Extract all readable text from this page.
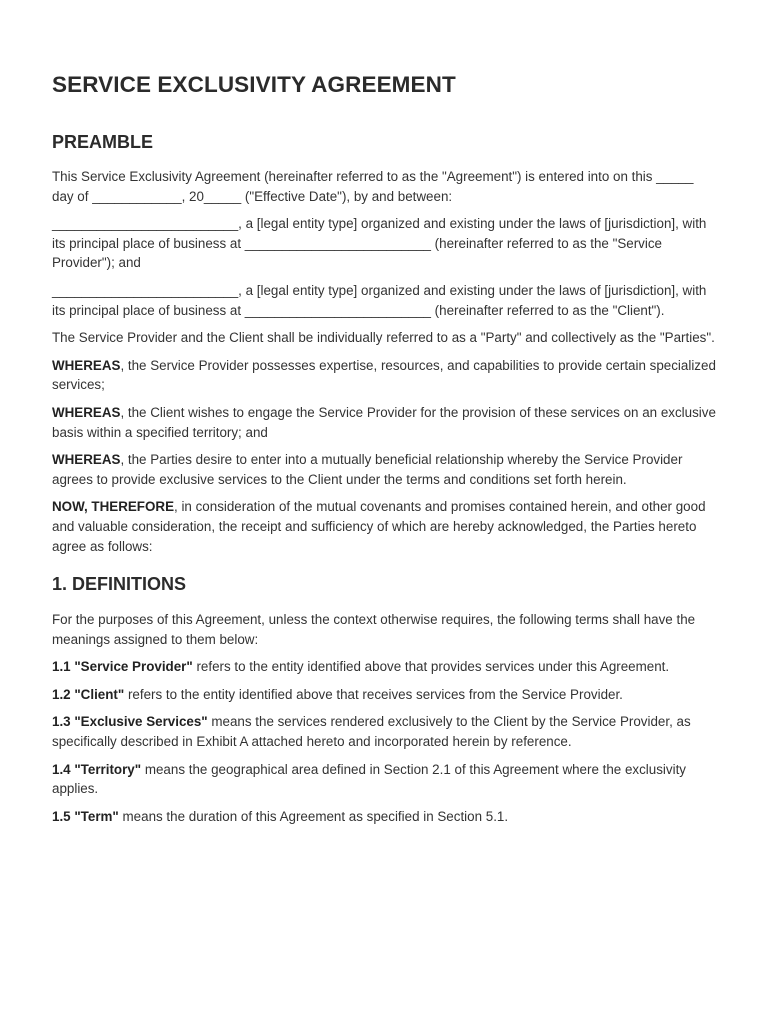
SERVICE EXCLUSIVITY AGREEMENT
PREAMBLE

This Service Exclusivity Agreement (hereinafter referred to as the "Agreement") is entered into on this _____ day of ____________, 20_____ ("Effective Date"), by and between:

_________________________, a [legal entity type] organized and existing under the laws of [jurisdiction], with its principal place of business at _________________________ (hereinafter referred to as the "Service Provider"); and

_________________________, a [legal entity type] organized and existing under the laws of [jurisdiction], with its principal place of business at _________________________ (hereinafter referred to as the "Client").

The Service Provider and the Client shall be individually referred to as a "Party" and collectively as the "Parties".

WHEREAS, the Service Provider possesses expertise, resources, and capabilities to provide certain specialized services;

WHEREAS, the Client wishes to engage the Service Provider for the provision of these services on an exclusive basis within a specified territory; and

WHEREAS, the Parties desire to enter into a mutually beneficial relationship whereby the Service Provider agrees to provide exclusive services to the Client under the terms and conditions set forth herein.

NOW, THEREFORE, in consideration of the mutual covenants and promises contained herein, and other good and valuable consideration, the receipt and sufficiency of which are hereby acknowledged, the Parties hereto agree as follows:

1. DEFINITIONS

For the purposes of this Agreement, unless the context otherwise requires, the following terms shall have the meanings assigned to them below:

1.1 "Service Provider" refers to the entity identified above that provides services under this Agreement.

1.2 "Client" refers to the entity identified above that receives services from the Service Provider.

1.3 "Exclusive Services" means the services rendered exclusively to the Client by the Service Provider, as specifically described in Exhibit A attached hereto and incorporated herein by reference.

1.4 "Territory" means the geographical area defined in Section 2.1 of this Agreement where the exclusivity applies.

1.5 "Term" means the duration of this Agreement as specified in Section 5.1.
